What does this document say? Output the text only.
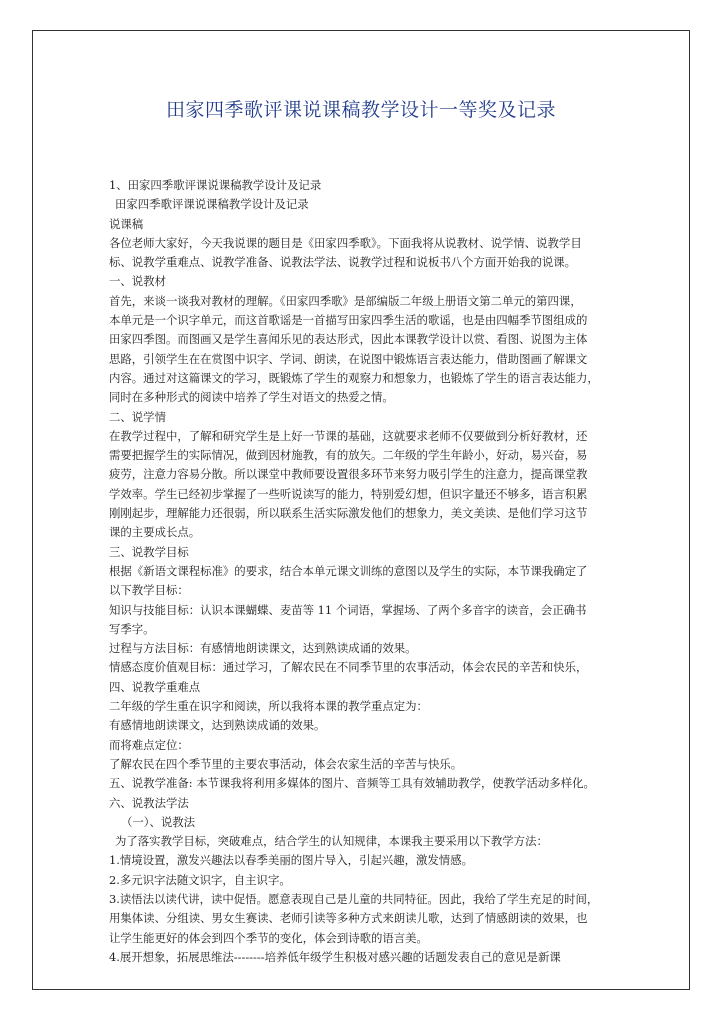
田家四季歌评课说课稿教学设计一等奖及记录
1、田家四季歌评课说课稿教学设计及记录
田家四季歌评课说课稿教学设计及记录
说课稿
各位老师大家好，今天我说课的题目是《田家四季歌》。下面我将从说教材、说学情、说教学目
标、说教学重难点、说教学准备、说教法学法、说教学过程和说板书八个方面开始我的说课。
一、说教材
首先，来谈一谈我对教材的理解。《田家四季歌》是部编版二年级上册语文第二单元的第四课，
本单元是一个识字单元，而这首歌谣是一首描写田家四季生活的歌谣，也是由四幅季节图组成的
田家四季图。而图画又是学生喜闻乐见的表达形式，因此本课教学设计以赏、看图、说图为主体
思路，引领学生在在赏图中识字、学词、朗读，在说图中锻炼语言表达能力，借助图画了解课文
内容。通过对这篇课文的学习，既锻炼了学生的观察力和想象力，也锻炼了学生的语言表达能力，
同时在多种形式的阅读中培养了学生对语文的热爱之情。
二、说学情
在教学过程中，了解和研究学生是上好一节课的基础，这就要求老师不仅要做到分析好教材，还
需要把握学生的实际情况，做到因材施教，有的放矢。二年级的学生年龄小，好动，易兴奋，易
疲劳，注意力容易分散。所以课堂中教师要设置很多环节来努力吸引学生的注意力，提高课堂教
学效率。学生已经初步掌握了一些听说读写的能力，特别爱幻想，但识字量还不够多，语言积累
刚刚起步，理解能力还很弱，所以联系生活实际激发他们的想象力，美文美读、是他们学习这节
课的主要成长点。
三、说教学目标
根据《新语文课程标准》的要求，结合本单元课文训练的意图以及学生的实际，本节课我确定了
以下教学目标：
知识与技能目标：认识本课蝴蝶、麦苗等 11 个词语，掌握场、了两个多音字的读音，会正确书
写季字。
过程与方法目标：有感情地朗读课文，达到熟读成诵的效果。
情感态度价值观目标：通过学习，了解农民在不同季节里的农事活动，体会农民的辛苦和快乐，
四、说教学重难点
二年级的学生重在识字和阅读，所以我将本课的教学重点定为：
有感情地朗读课文，达到熟读成诵的效果。
而将难点定位：
了解农民在四个季节里的主要农事活动，体会农家生活的辛苦与快乐。
五、说教学准备: 本节课我将利用多媒体的图片、音频等工具有效辅助教学，使教学活动多样化。
六、说教法学法
（一）、说教法
为了落实教学目标，突破难点，结合学生的认知规律，本课我主要采用以下教学方法：
1.情境设置，激发兴趣法以春季美丽的图片导入，引起兴趣，激发情感。
2.多元识字法随文识字，自主识字。
3.读悟法以读代讲，读中促悟。愿意表现自己是儿童的共同特征。因此，我给了学生充足的时间，
用集体读、分组读、男女生赛读、老师引读等多种方式来朗读儿歌，达到了情感朗读的效果，也
让学生能更好的体会到四个季节的变化，体会到诗歌的语言美。
4.展开想象，拓展思维法--------培养低年级学生积极对感兴趣的话题发表自己的意见是新课
